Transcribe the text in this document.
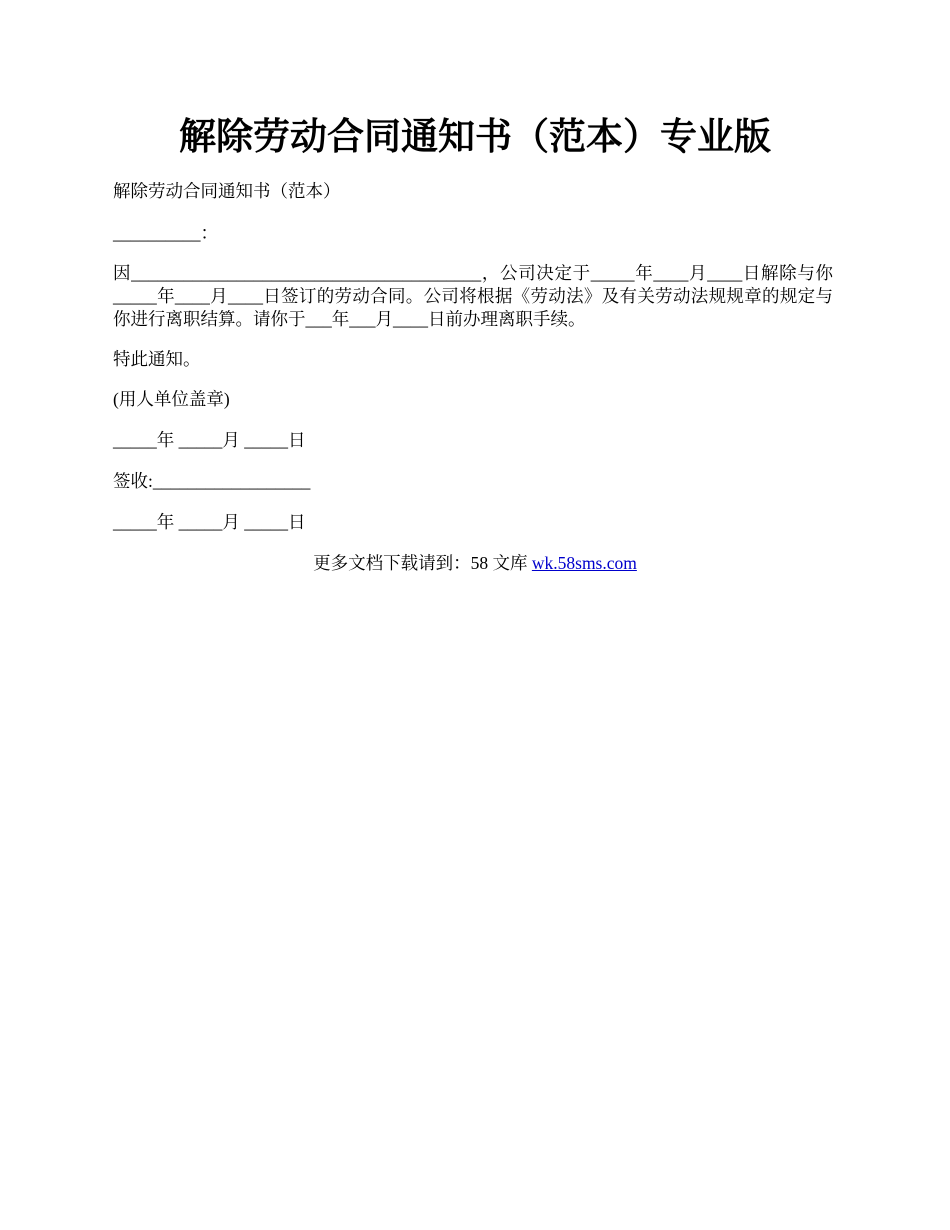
解除劳动合同通知书（范本）专业版
解除劳动合同通知书（范本）
__________：
因________________________________________，公司决定于_____年____月____日解除与你_____年____月____日签订的劳动合同。公司将根据《劳动法》及有关劳动法规规章的规定与你进行离职结算。请你于___年___月____日前办理离职手续。
特此通知。
(用人单位盖章)
_____年 _____月 _____日
签收:__________________
_____年 _____月 _____日
更多文档下载请到：58 文库 wk.58sms.com
